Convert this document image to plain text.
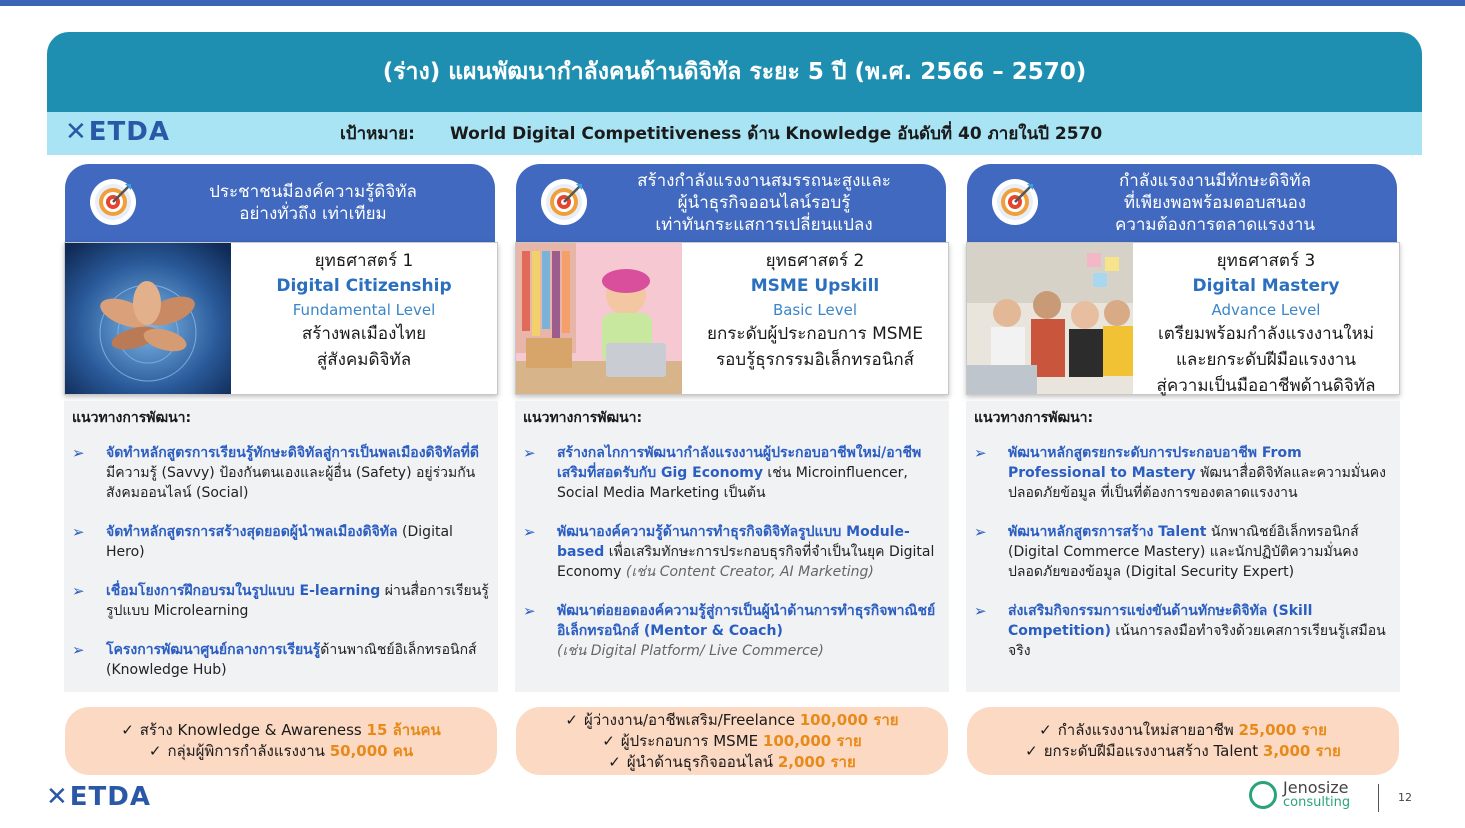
(ร่าง) แผนพัฒนากำลังคนด้านดิจิทัล ระยะ 5 ปี (พ.ศ. 2566 – 2570)
✕ ETDA	เป้าหมาย: World Digital Competitiveness ด้าน Knowledge อันดับที่ 40 ภายในปี 2570
ประชาชนมีองค์ความรู้ดิจิทัล
อย่างทั่วถึง เท่าเทียม
ยุทธศาสตร์ 1
Digital Citizenship
Fundamental Level
สร้างพลเมืองไทย
สู่สังคมดิจิทัล
แนวทางการพัฒนา:
➢ จัดทำหลักสูตรการเรียนรู้ทักษะดิจิทัลสู่การเป็นพลเมืองดิจิทัลที่ดี มีความรู้ (Savvy) ป้องกันตนเองและผู้อื่น (Safety) อยู่ร่วมกันสังคมออนไลน์ (Social)
➢ จัดทำหลักสูตรการสร้างสุดยอดผู้นำพลเมืองดิจิทัล (Digital Hero)
➢ เชื่อมโยงการฝึกอบรมในรูปแบบ E-learning ผ่านสื่อการเรียนรู้รูปแบบ Microlearning
➢ โครงการพัฒนาศูนย์กลางการเรียนรู้ด้านพาณิชย์อิเล็กทรอนิกส์ (Knowledge Hub)
✓ สร้าง Knowledge & Awareness 15 ล้านคน
✓ กลุ่มผู้พิการกำลังแรงงาน 50,000 คน
สร้างกำลังแรงงานสมรรถนะสูงและ
ผู้นำธุรกิจออนไลน์รอบรู้
เท่าทันกระแสการเปลี่ยนแปลง
ยุทธศาสตร์ 2
MSME Upskill
Basic Level
ยกระดับผู้ประกอบการ MSME
รอบรู้ธุรกรรมอิเล็กทรอนิกส์
แนวทางการพัฒนา:
➢ สร้างกลไกการพัฒนากำลังแรงงานผู้ประกอบอาชีพใหม่/อาชีพเสริมที่สอดรับกับ Gig Economy เช่น Microinfluencer, Social Media Marketing เป็นต้น
➢ พัฒนาองค์ความรู้ด้านการทำธุรกิจดิจิทัลรูปแบบ Module-based เพื่อเสริมทักษะการประกอบธุรกิจที่จำเป็นในยุค Digital Economy (เช่น Content Creator, AI Marketing)
➢ พัฒนาต่อยอดองค์ความรู้สู่การเป็นผู้นำด้านการทำธุรกิจพาณิชย์อิเล็กทรอนิกส์ (Mentor & Coach)
(เช่น Digital Platform/ Live Commerce)
✓ ผู้ว่างงาน/อาชีพเสริม/Freelance 100,000 ราย
✓ ผู้ประกอบการ MSME 100,000 ราย
✓ ผู้นำด้านธุรกิจออนไลน์ 2,000 ราย
กำลังแรงงานมีทักษะดิจิทัล
ที่เพียงพอพร้อมตอบสนอง
ความต้องการตลาดแรงงาน
ยุทธศาสตร์ 3
Digital Mastery
Advance Level
เตรียมพร้อมกำลังแรงงานใหม่
และยกระดับฝีมือแรงงาน
สู่ความเป็นมืออาชีพด้านดิจิทัล
แนวทางการพัฒนา:
➢ พัฒนาหลักสูตรยกระดับการประกอบอาชีพ From Professional to Mastery พัฒนาสื่อดิจิทัลและความมั่นคงปลอดภัยข้อมูล ที่เป็นที่ต้องการของตลาดแรงงาน
➢ พัฒนาหลักสูตรการสร้าง Talent นักพาณิชย์อิเล็กทรอนิกส์ (Digital Commerce Mastery) และนักปฏิบัติความมั่นคงปลอดภัยของข้อมูล (Digital Security Expert)
➢ ส่งเสริมกิจกรรมการแข่งขันด้านทักษะดิจิทัล (Skill Competition) เน้นการลงมือทำจริงด้วยเคสการเรียนรู้เสมือนจริง
✓ กำลังแรงงานใหม่สายอาชีพ 25,000 ราย
✓ ยกระดับฝีมือแรงงานสร้าง Talent 3,000 ราย
✕ ETDA	Jenosize
consulting	12
